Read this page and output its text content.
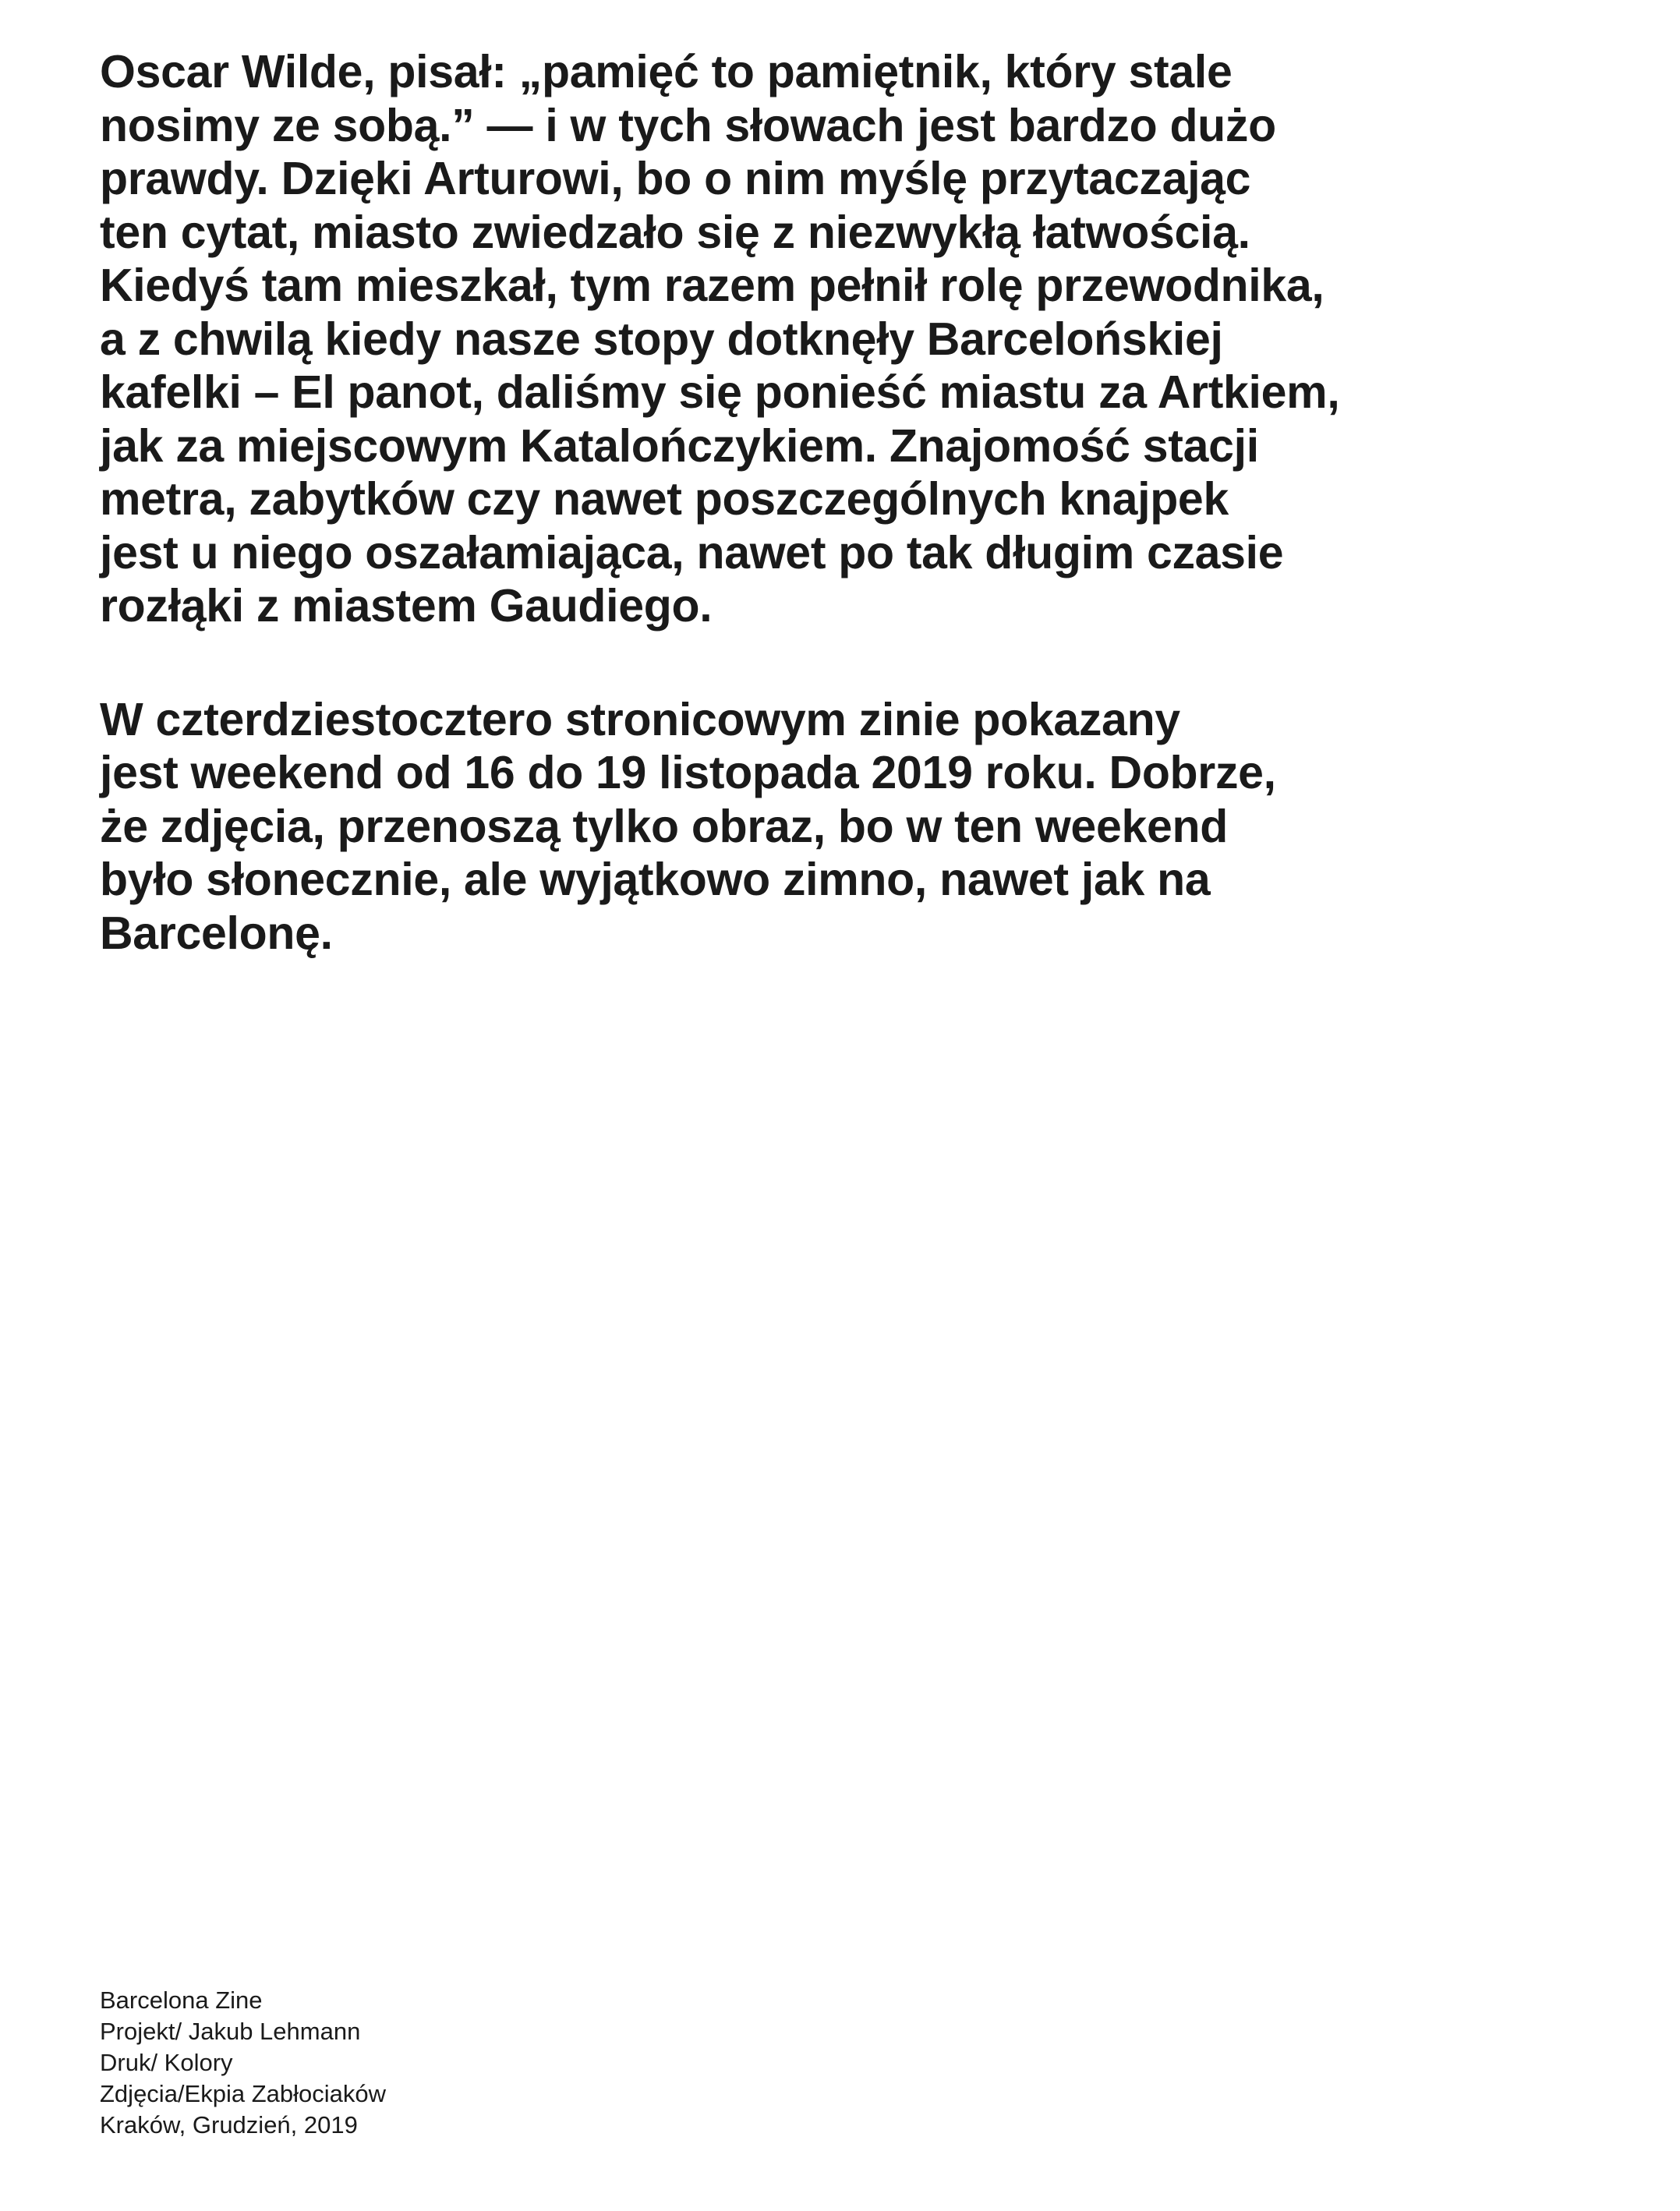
Oscar Wilde, pisał: „pamięć to pamiętnik, który stale
nosimy ze sobą.” — i w tych słowach jest bardzo dużo
prawdy. Dzięki Arturowi, bo o nim myślę przytaczając
ten cytat, miasto zwiedzało się z niezwykłą łatwością.
Kiedyś tam mieszkał, tym razem pełnił rolę przewodnika,
a z chwilą kiedy nasze stopy dotknęły Barcelońskiej
kafelki – El panot, daliśmy się ponieść miastu za Artkiem,
jak za miejscowym Katalończykiem. Znajomość stacji
metra, zabytków czy nawet poszczególnych knajpek
jest u niego oszałamiająca, nawet po tak długim czasie
rozłąki z miastem Gaudiego.

W czterdziestocztero stronicowym zinie pokazany
jest weekend od 16 do 19 listopada 2019 roku. Dobrze,
że zdjęcia, przenoszą tylko obraz, bo w ten weekend
było słonecznie, ale wyjątkowo zimno, nawet jak na
Barcelonę.

Barcelona Zine
Projekt/ Jakub Lehmann
Druk/ Kolory
Zdjęcia/Ekpia Zabłociaków
Kraków, Grudzień, 2019
